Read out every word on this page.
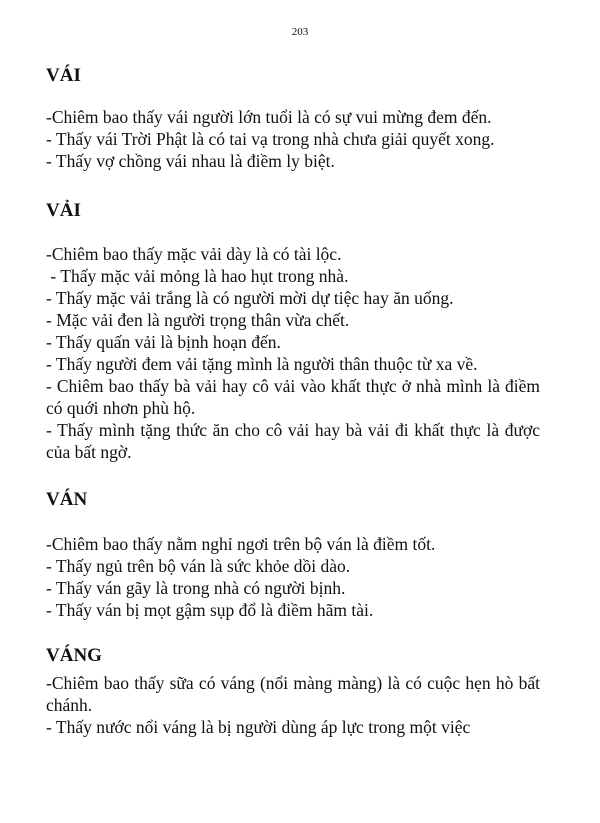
203
VÁI
-Chiêm bao thấy vái người lớn tuổi là có sự vui mừng đem đến.
- Thấy vái Trời Phật là có tai vạ trong nhà chưa giải quyết xong.
- Thấy vợ chồng vái nhau là điềm ly biệt.
VẢI
-Chiêm bao thấy mặc vải dày là có tài lộc.
- Thấy mặc vải mỏng là hao hụt trong nhà.
- Thấy mặc vải trắng là có người mời dự tiệc hay ăn uống.
- Mặc vải đen là người trọng thân vừa chết.
- Thấy quấn vải là bịnh hoạn đến.
- Thấy người đem vải tặng mình là người thân thuộc từ xa về.
- Chiêm bao thấy bà vải hay cô vải vào khất thực ở nhà mình là điềm có quới nhơn phù hộ.
- Thấy mình tặng thức ăn cho cô vải hay bà vải đi khất thực là được của bất ngờ.
VÁN
-Chiêm bao thấy nằm nghỉ ngơi trên bộ ván là điềm tốt.
- Thấy ngủ trên bộ ván là sức khỏe dồi dào.
- Thấy ván gãy là trong nhà có người bịnh.
- Thấy ván bị mọt gậm sụp đổ là điềm hãm tài.
VÁNG
-Chiêm bao thấy sữa có váng (nổi màng màng) là có cuộc hẹn hò bất chánh.
- Thấy nước nổi váng là bị người dùng áp lực trong một việc
